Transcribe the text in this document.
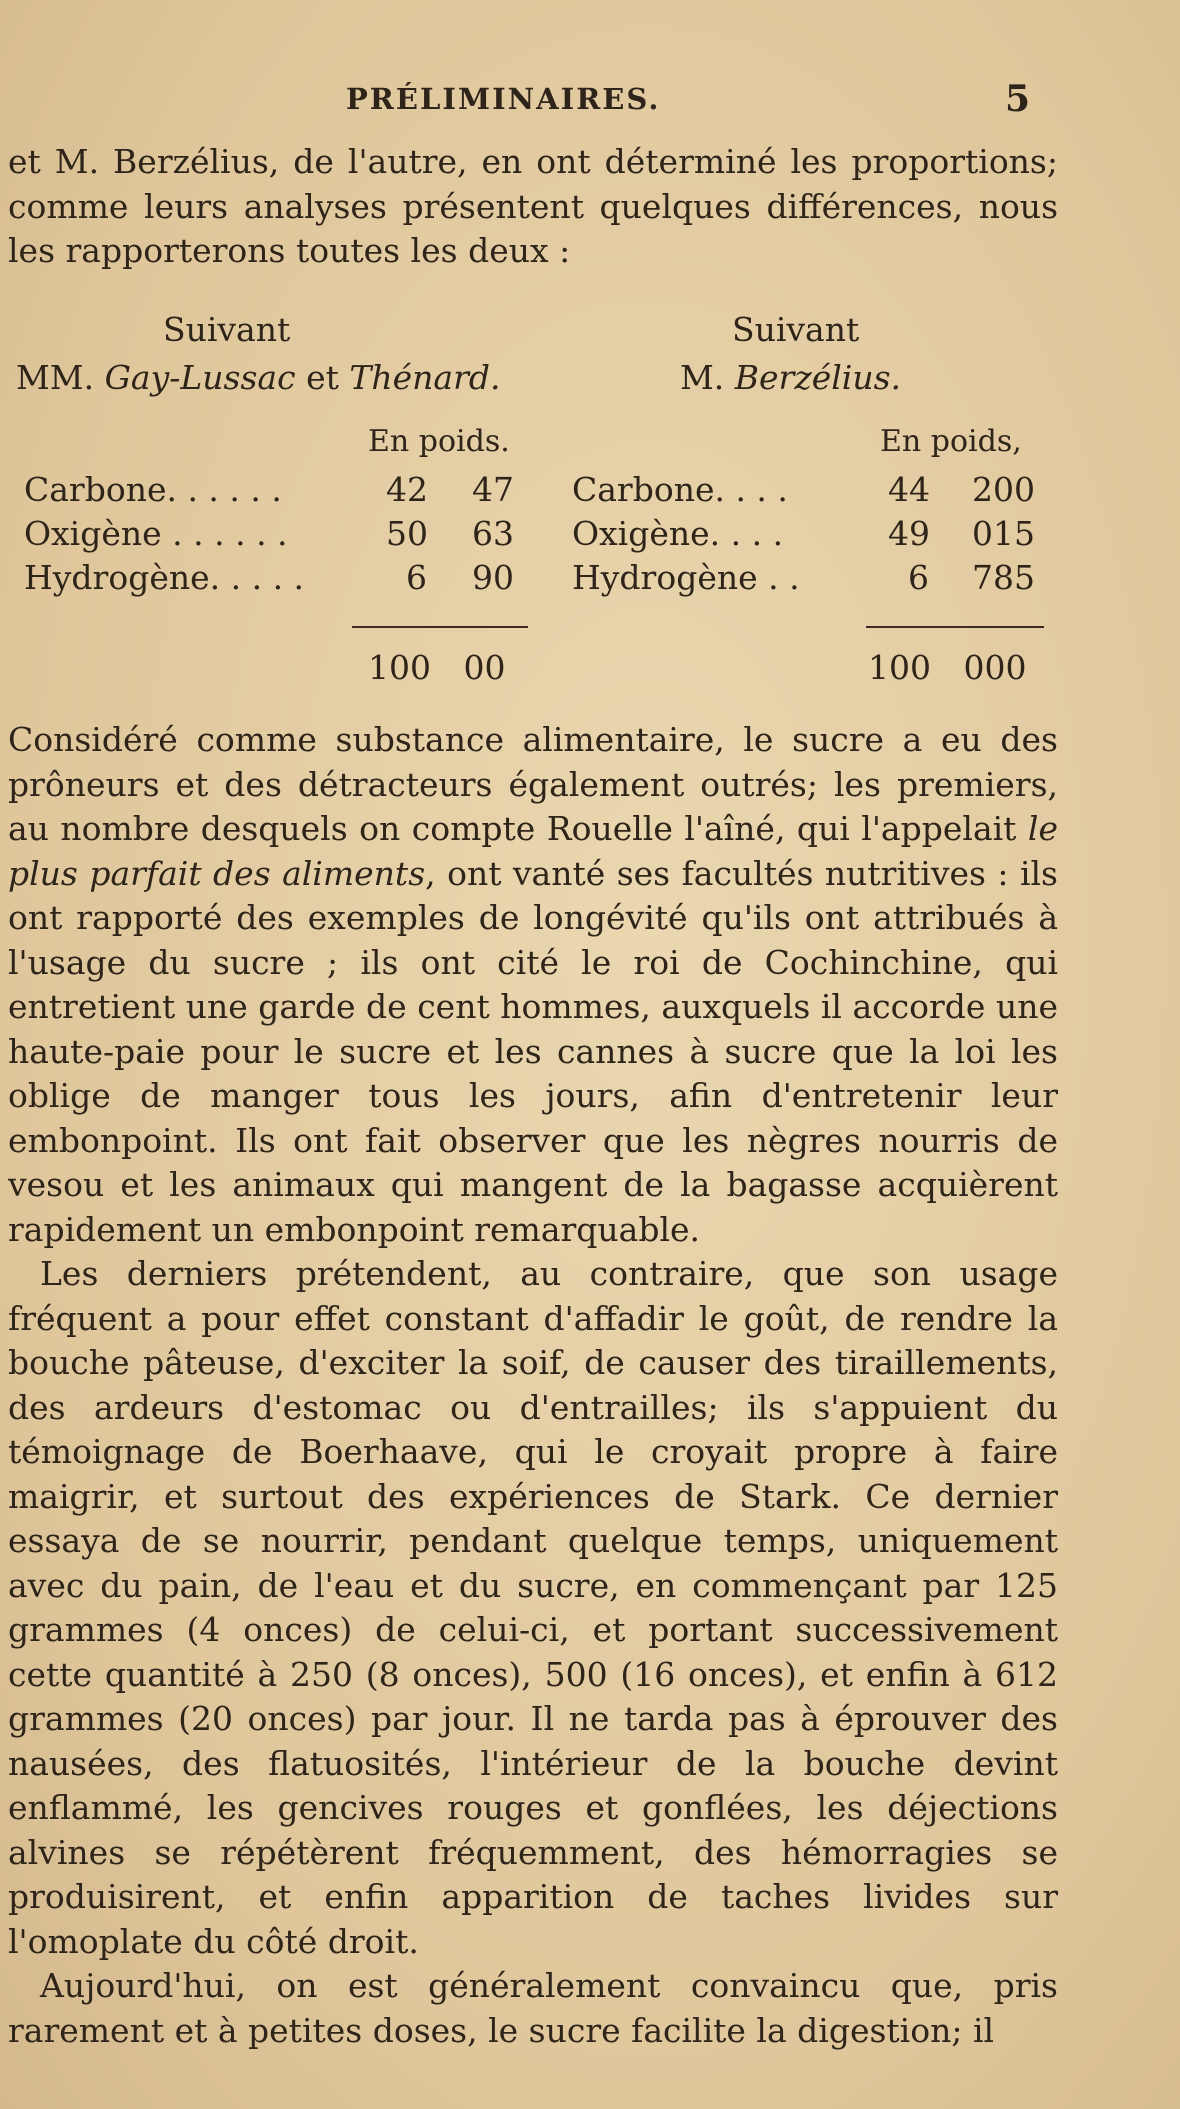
PRÉLIMINAIRES.	5

et M. Berzélius, de l'autre, en ont déterminé les proportions; comme leurs analyses présentent quelques différences, nous les rapporterons toutes les deux :

Suivant
MM. Gay-Lussac et Thénard.
Suivant
M. Berzélius.
En poids.	En poids,
Carbone. . . . . .	42 47
Oxigène . . . . . .	50 63
Hydrogène. . . . .	6 90
Carbone. . . .	44 200
Oxigène. . . .	49 015
Hydrogène . .	6 785
100 00	100 000

Considéré comme substance alimentaire, le sucre a eu des prôneurs et des détracteurs également outrés; les premiers, au nombre desquels on compte Rouelle l'aîné, qui l'appelait le plus parfait des aliments, ont vanté ses facultés nutritives : ils ont rapporté des exemples de longévité qu'ils ont attribués à l'usage du sucre ; ils ont cité le roi de Cochinchine, qui entretient une garde de cent hommes, auxquels il accorde une haute-paie pour le sucre et les cannes à sucre que la loi les oblige de manger tous les jours, afin d'entretenir leur embonpoint. Ils ont fait observer que les nègres nourris de vesou et les animaux qui mangent de la bagasse acquièrent rapidement un embonpoint remarquable.

Les derniers prétendent, au contraire, que son usage fréquent a pour effet constant d'affadir le goût, de rendre la bouche pâteuse, d'exciter la soif, de causer des tiraillements, des ardeurs d'estomac ou d'entrailles; ils s'appuient du témoignage de Boerhaave, qui le croyait propre à faire maigrir, et surtout des expériences de Stark. Ce dernier essaya de se nourrir, pendant quelque temps, uniquement avec du pain, de l'eau et du sucre, en commençant par 125 grammes (4 onces) de celui-ci, et portant successivement cette quantité à 250 (8 onces), 500 (16 onces), et enfin à 612 grammes (20 onces) par jour. Il ne tarda pas à éprouver des nausées, des flatuosités, l'intérieur de la bouche devint enflammé, les gencives rouges et gonflées, les déjections alvines se répétèrent fréquemment, des hémorragies se produisirent, et enfin apparition de taches livides sur l'omoplate du côté droit.

Aujourd'hui, on est généralement convaincu que, pris rarement et à petites doses, le sucre facilite la digestion; il
